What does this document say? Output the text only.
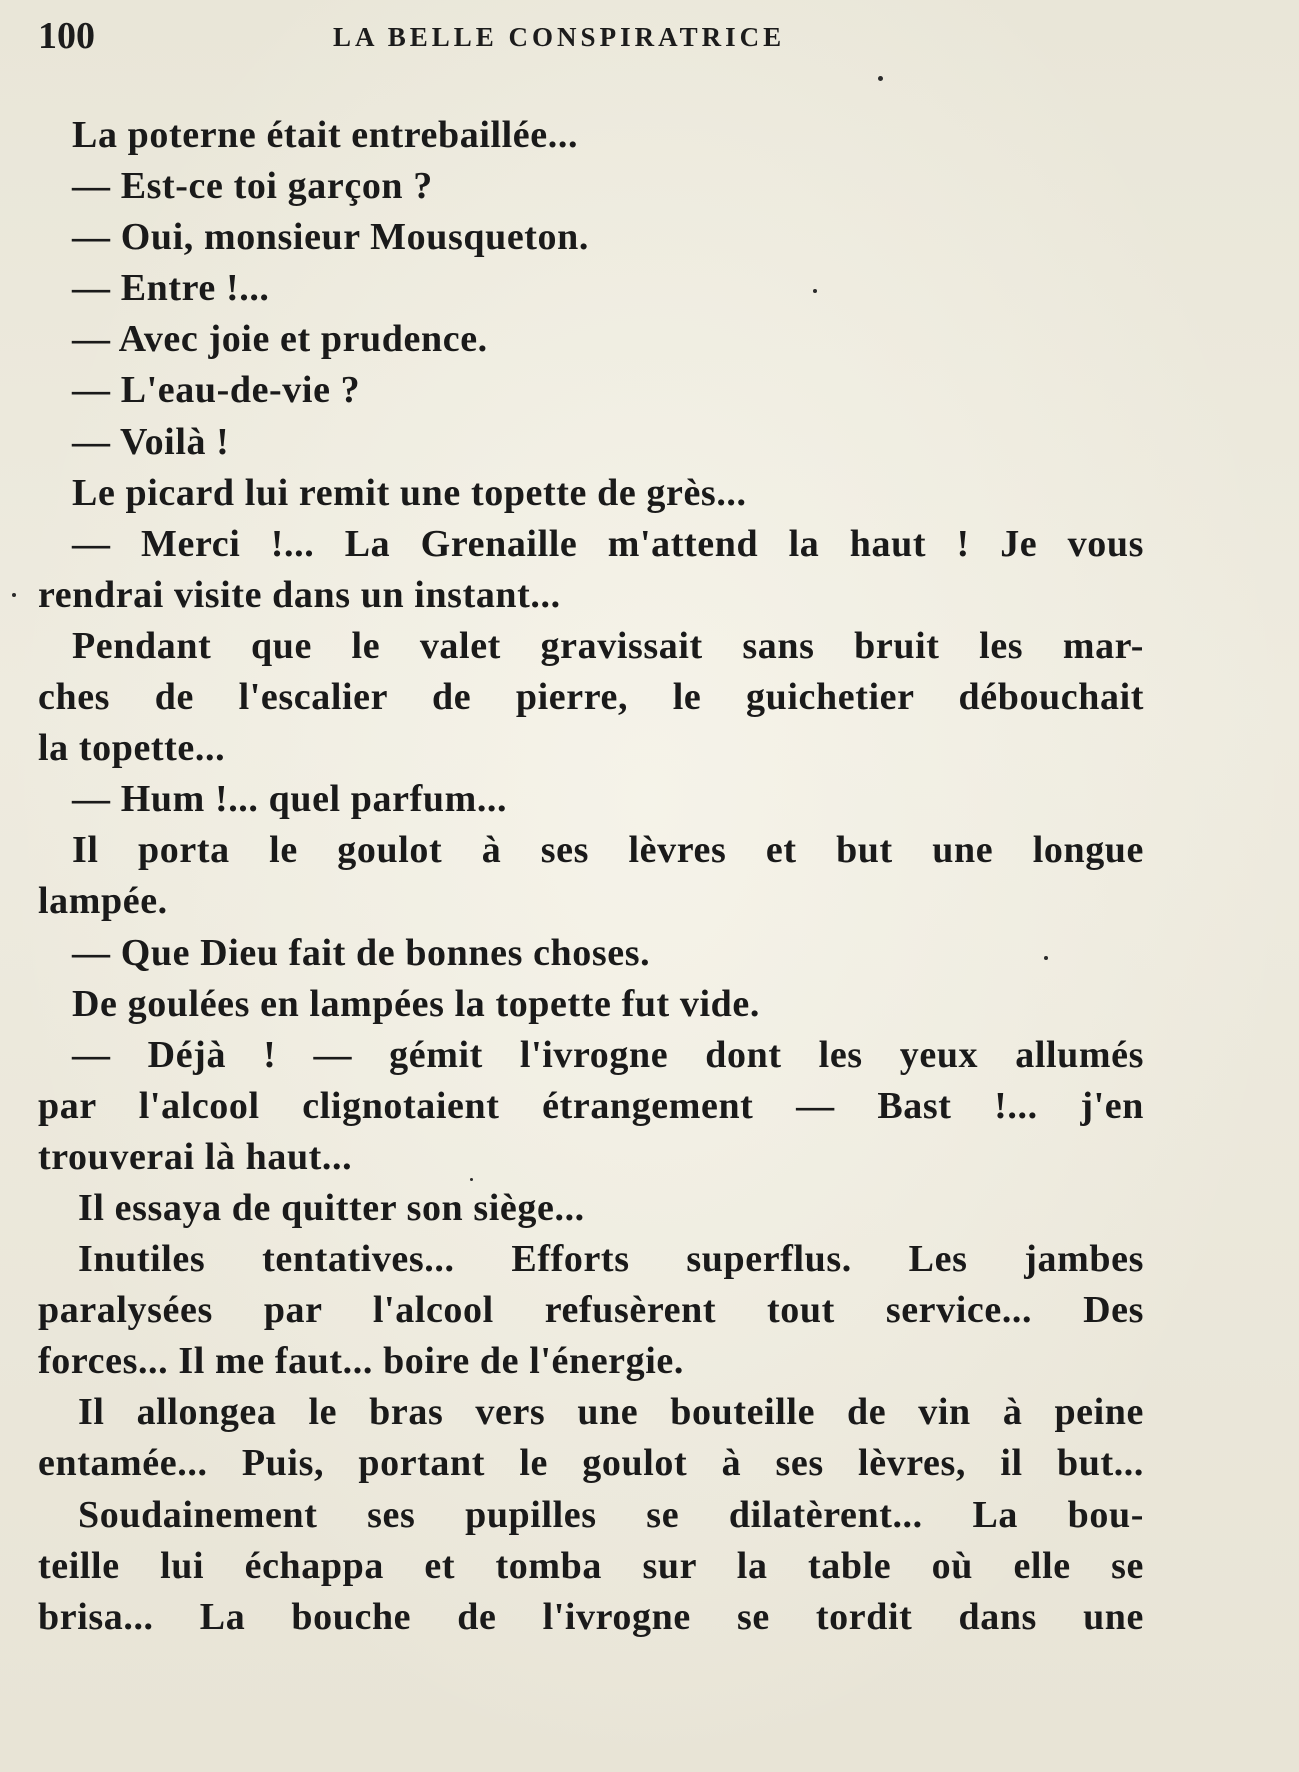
100	LA BELLE CONSPIRATRICE
La poterne était entrebaillée...
— Est-ce toi garçon ?
— Oui, monsieur Mousqueton.
— Entre !...
— Avec joie et prudence.
— L'eau-de-vie ?
— Voilà !
Le picard lui remit une topette de grès...
— Merci !... La Grenaille m'attend la haut ! Je vous
rendrai visite dans un instant...
Pendant que le valet gravissait sans bruit les mar-
ches de l'escalier de pierre, le guichetier débouchait
la topette...
— Hum !... quel parfum...
Il porta le goulot à ses lèvres et but une longue
lampée.
— Que Dieu fait de bonnes choses.
De goulées en lampées la topette fut vide.
— Déjà ! — gémit l'ivrogne dont les yeux allumés
par l'alcool clignotaient étrangement — Bast !... j'en
trouverai là haut...
Il essaya de quitter son siège...
Inutiles tentatives... Efforts superflus. Les jambes
paralysées par l'alcool refusèrent tout service... Des
forces... Il me faut... boire de l'énergie.
Il allongea le bras vers une bouteille de vin à peine
entamée... Puis, portant le goulot à ses lèvres, il but...
Soudainement ses pupilles se dilatèrent... La bou-
teille lui échappa et tomba sur la table où elle se
brisa... La bouche de l'ivrogne se tordit dans une
